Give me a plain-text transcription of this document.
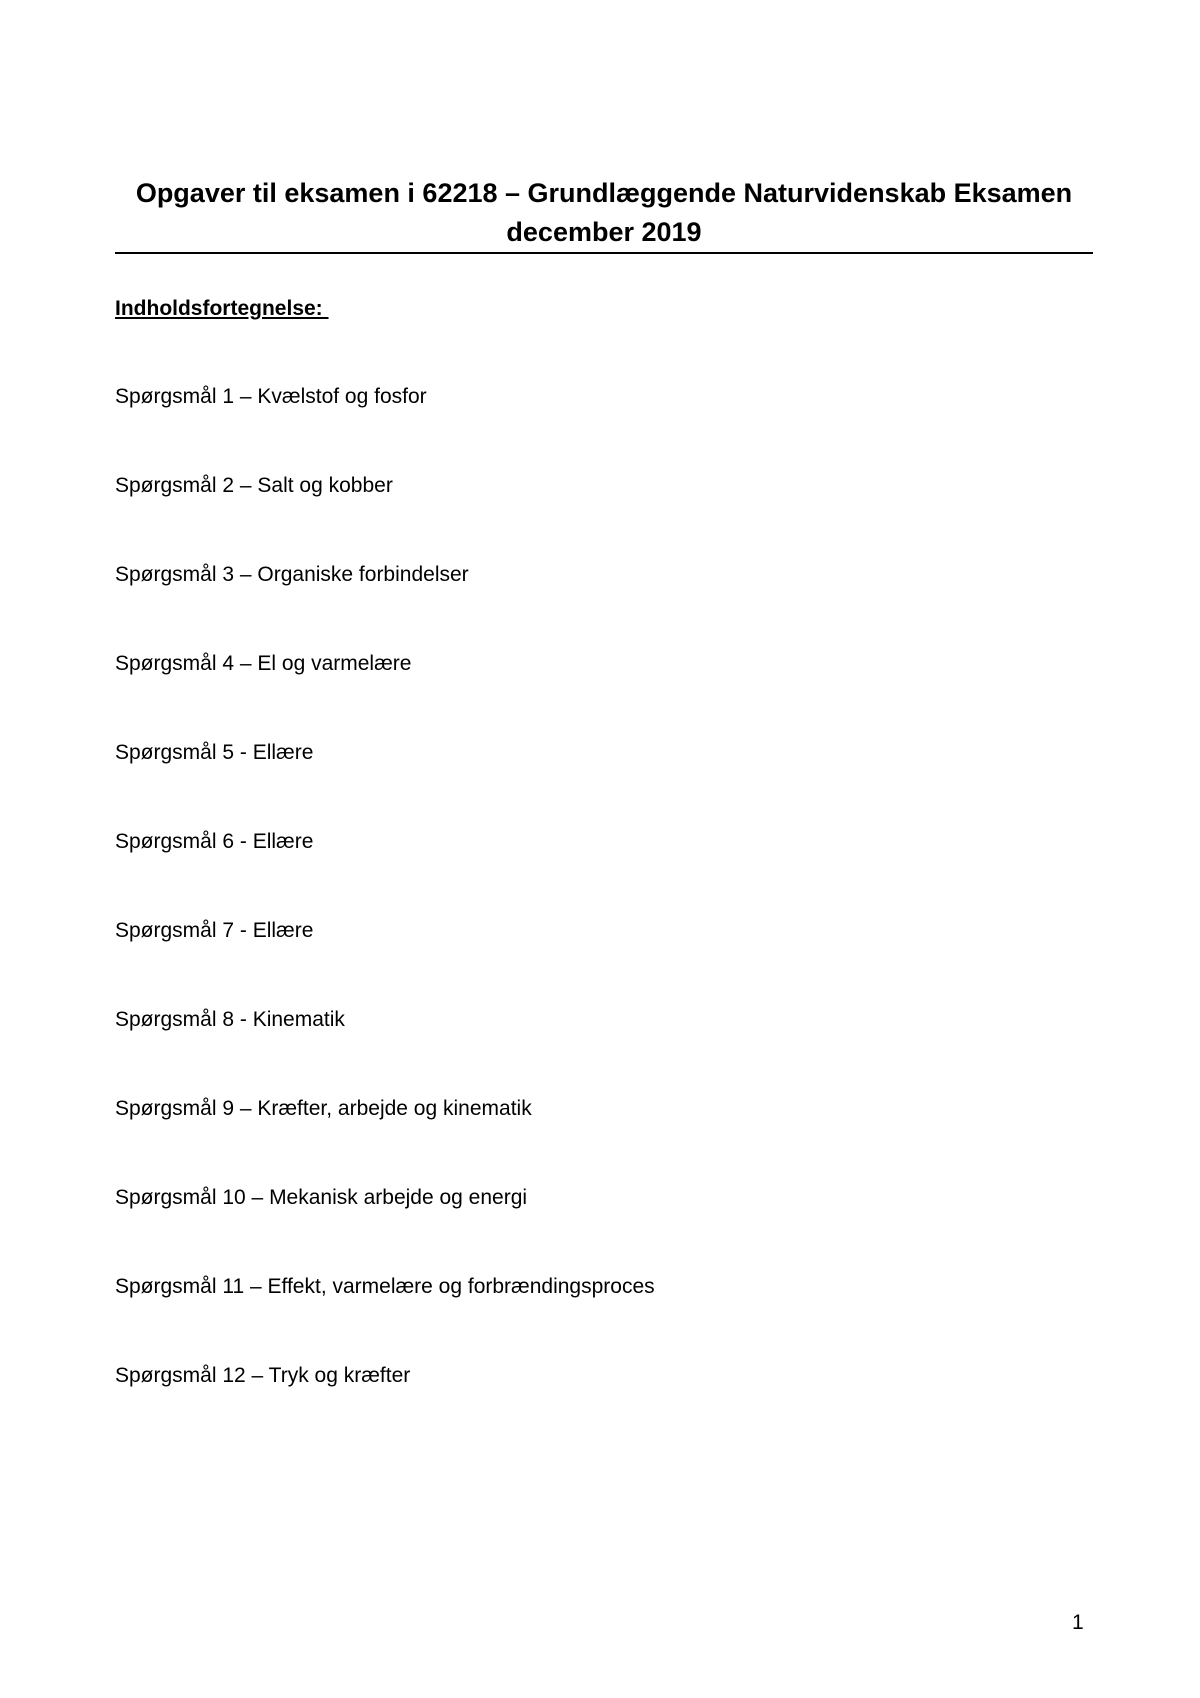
Opgaver til eksamen i 62218 – Grundlæggende Naturvidenskab Eksamen
december 2019
Indholdsfortegnelse:
Spørgsmål 1 – Kvælstof og fosfor
Spørgsmål 2 – Salt og kobber
Spørgsmål 3 – Organiske forbindelser
Spørgsmål 4 – El og varmelære
Spørgsmål 5 - Ellære
Spørgsmål 6 - Ellære
Spørgsmål 7 - Ellære
Spørgsmål 8 - Kinematik
Spørgsmål 9 – Kræfter, arbejde og kinematik
Spørgsmål 10 – Mekanisk arbejde og energi
Spørgsmål 11 – Effekt, varmelære og forbrændingsproces
Spørgsmål 12 – Tryk og kræfter
1
